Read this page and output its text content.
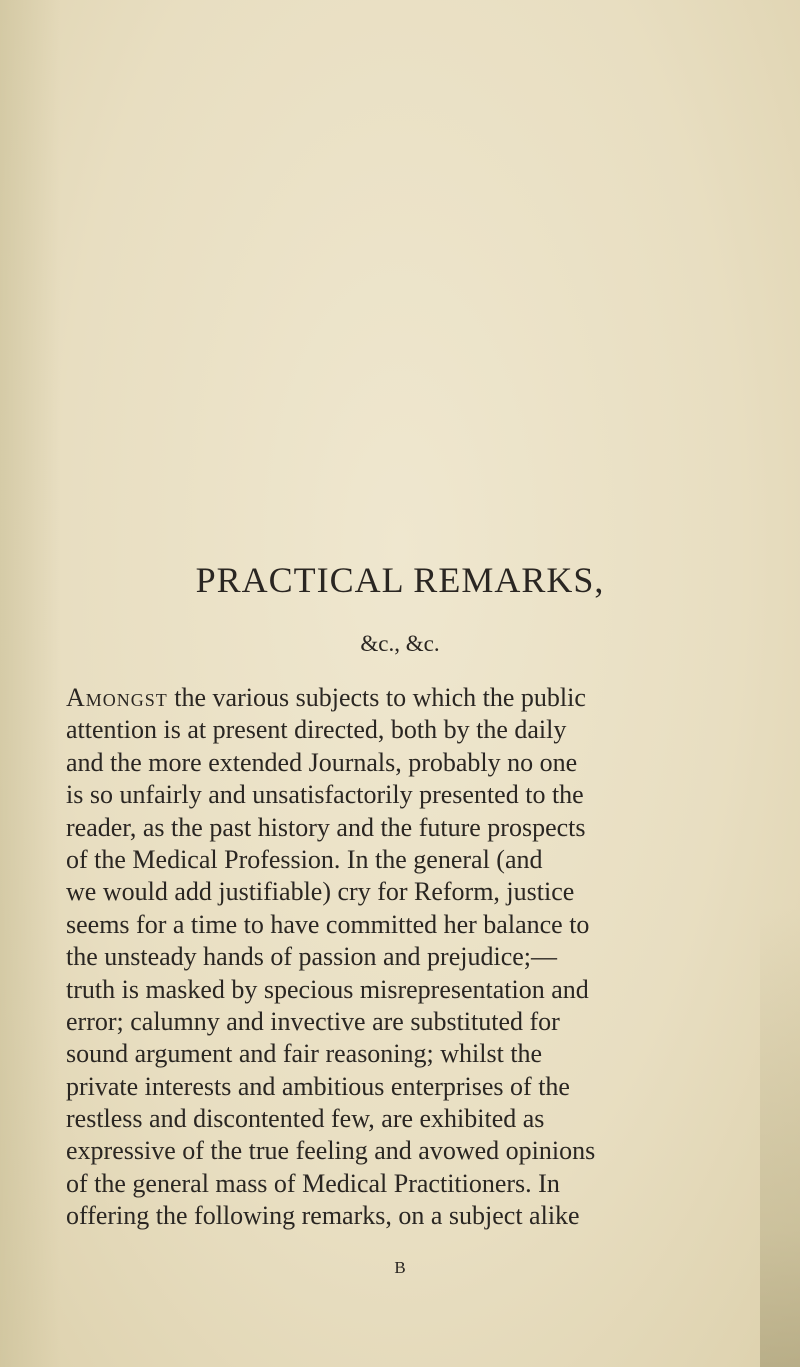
PRACTICAL REMARKS,
&c., &c.
Amongst the various subjects to which the public
attention is at present directed, both by the daily
and the more extended Journals, probably no one
is so unfairly and unsatisfactorily presented to the
reader, as the past history and the future prospects
of the Medical Profession. In the general (and
we would add justifiable) cry for Reform, justice
seems for a time to have committed her balance to
the unsteady hands of passion and prejudice;—
truth is masked by specious misrepresentation and
error; calumny and invective are substituted for
sound argument and fair reasoning; whilst the
private interests and ambitious enterprises of the
restless and discontented few, are exhibited as
expressive of the true feeling and avowed opinions
of the general mass of Medical Practitioners. In
offering the following remarks, on a subject alike
B
